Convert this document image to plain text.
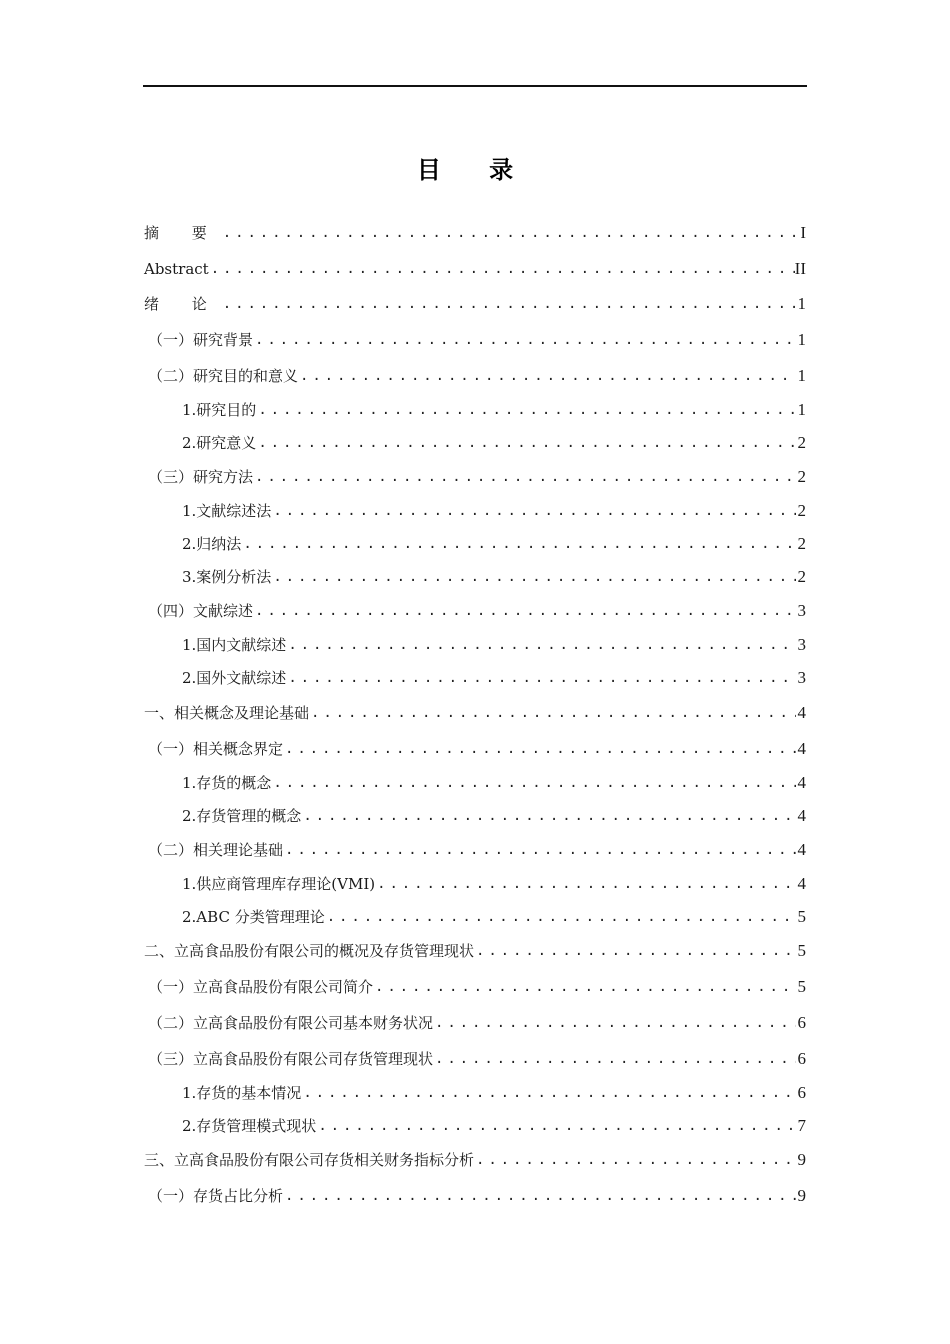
目 录
摘 要 .....	I
Abstract .....	II
绪 论 .....	1
（一）研究背景 .....	1
（二）研究目的和意义 .....	1
1.研究目的 .....	1
2.研究意义 .....	2
（三）研究方法 .....	2
1.文献综述法 .....	2
2.归纳法 .....	2
3.案例分析法 .....	2
（四）文献综述 .....	3
1.国内文献综述 .....	3
2.国外文献综述 .....	3
一、相关概念及理论基础 .....	4
（一）相关概念界定 .....	4
1.存货的概念 .....	4
2.存货管理的概念 .....	4
（二）相关理论基础 .....	4
1.供应商管理库存理论(VMI) .....	4
2.ABC 分类管理理论 .....	5
二、立高食品股份有限公司的概况及存货管理现状 .....	5
（一）立高食品股份有限公司简介 .....	5
（二）立高食品股份有限公司基本财务状况 .....	6
（三）立高食品股份有限公司存货管理现状 .....	6
1.存货的基本情况 .....	6
2.存货管理模式现状 .....	7
三、立高食品股份有限公司存货相关财务指标分析 .....	9
（一）存货占比分析 .....	9
